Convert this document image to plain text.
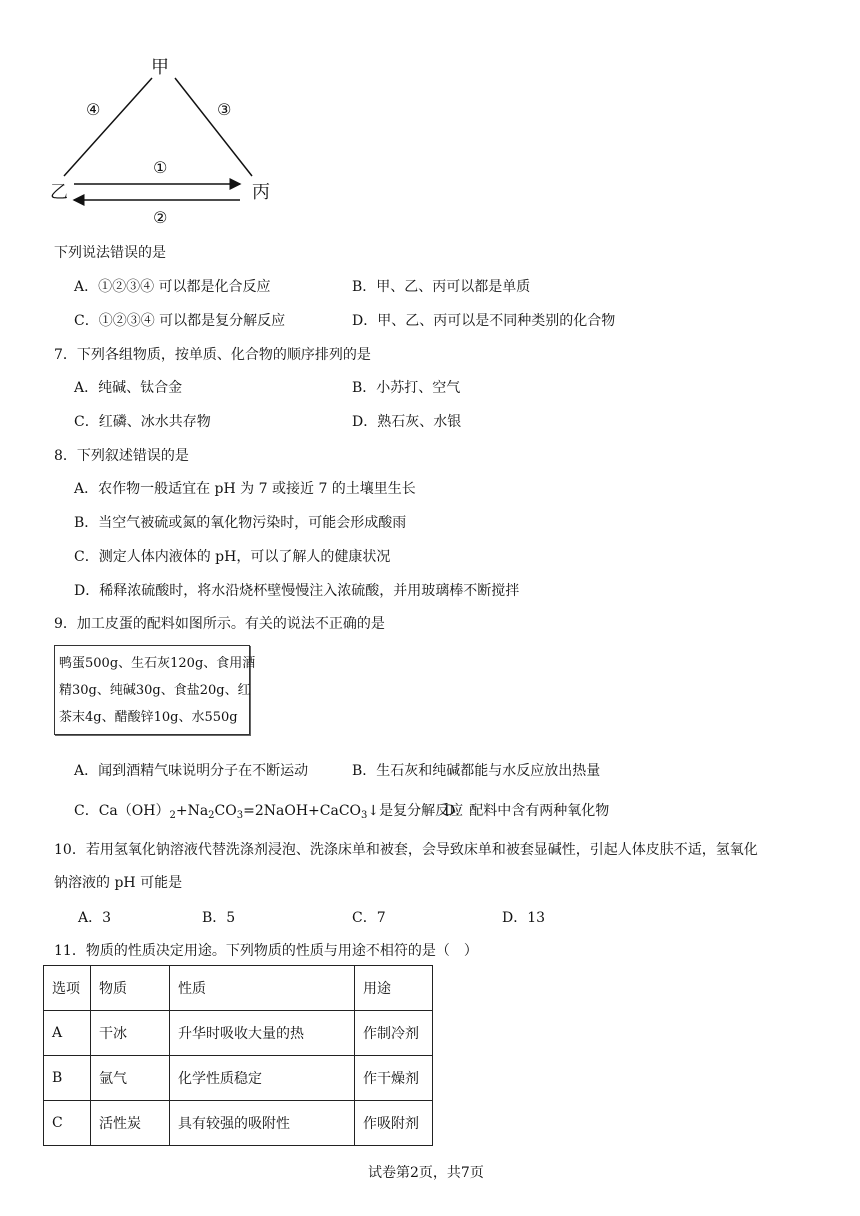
甲
乙	丙
④	③
①
②
下列说法错误的是
A．①②③④ 可以都是化合反应	B．甲、乙、丙可以都是单质
C．①②③④ 可以都是复分解反应	D．甲、乙、丙可以是不同种类别的化合物
7．下列各组物质，按单质、化合物的顺序排列的是
A．纯碱、钛合金	B．小苏打、空气
C．红磷、冰水共存物	D．熟石灰、水银
8．下列叙述错误的是
A．农作物一般适宜在 pH 为 7 或接近 7 的土壤里生长
B．当空气被硫或氮的氧化物污染时，可能会形成酸雨
C．测定人体内液体的 pH，可以了解人的健康状况
D．稀释浓硫酸时，将水沿烧杯壁慢慢注入浓硫酸，并用玻璃棒不断搅拌
9．加工皮蛋的配料如图所示。有关的说法不正确的是
鸭蛋500g、生石灰120g、食用酒
精30g、纯碱30g、食盐20g、红
茶末4g、醋酸锌10g、水550g
A．闻到酒精气味说明分子在不断运动	B．生石灰和纯碱都能与水反应放出热量
C．$Ca(OH)_2+Na_2CO_3=2NaOH+CaCO_3↓$是复分解反应
D．配料中含有两种氧化物
10．若用氢氧化钠溶液代替洗涤剂浸泡、洗涤床单和被套，会导致床单和被套显碱性，引起人体皮肤不适，氢氧化
钠溶液的 pH 可能是
A．3	B．5	C．7	D．13
11．物质的性质决定用途。下列物质的性质与用途不相符的是（　）
选项	物质	性质	用途
A	干冰	升华时吸收大量的热	作制冷剂
B	氩气	化学性质稳定	作干燥剂
C	活性炭	具有较强的吸附性	作吸附剂
试卷第2页，共7页
